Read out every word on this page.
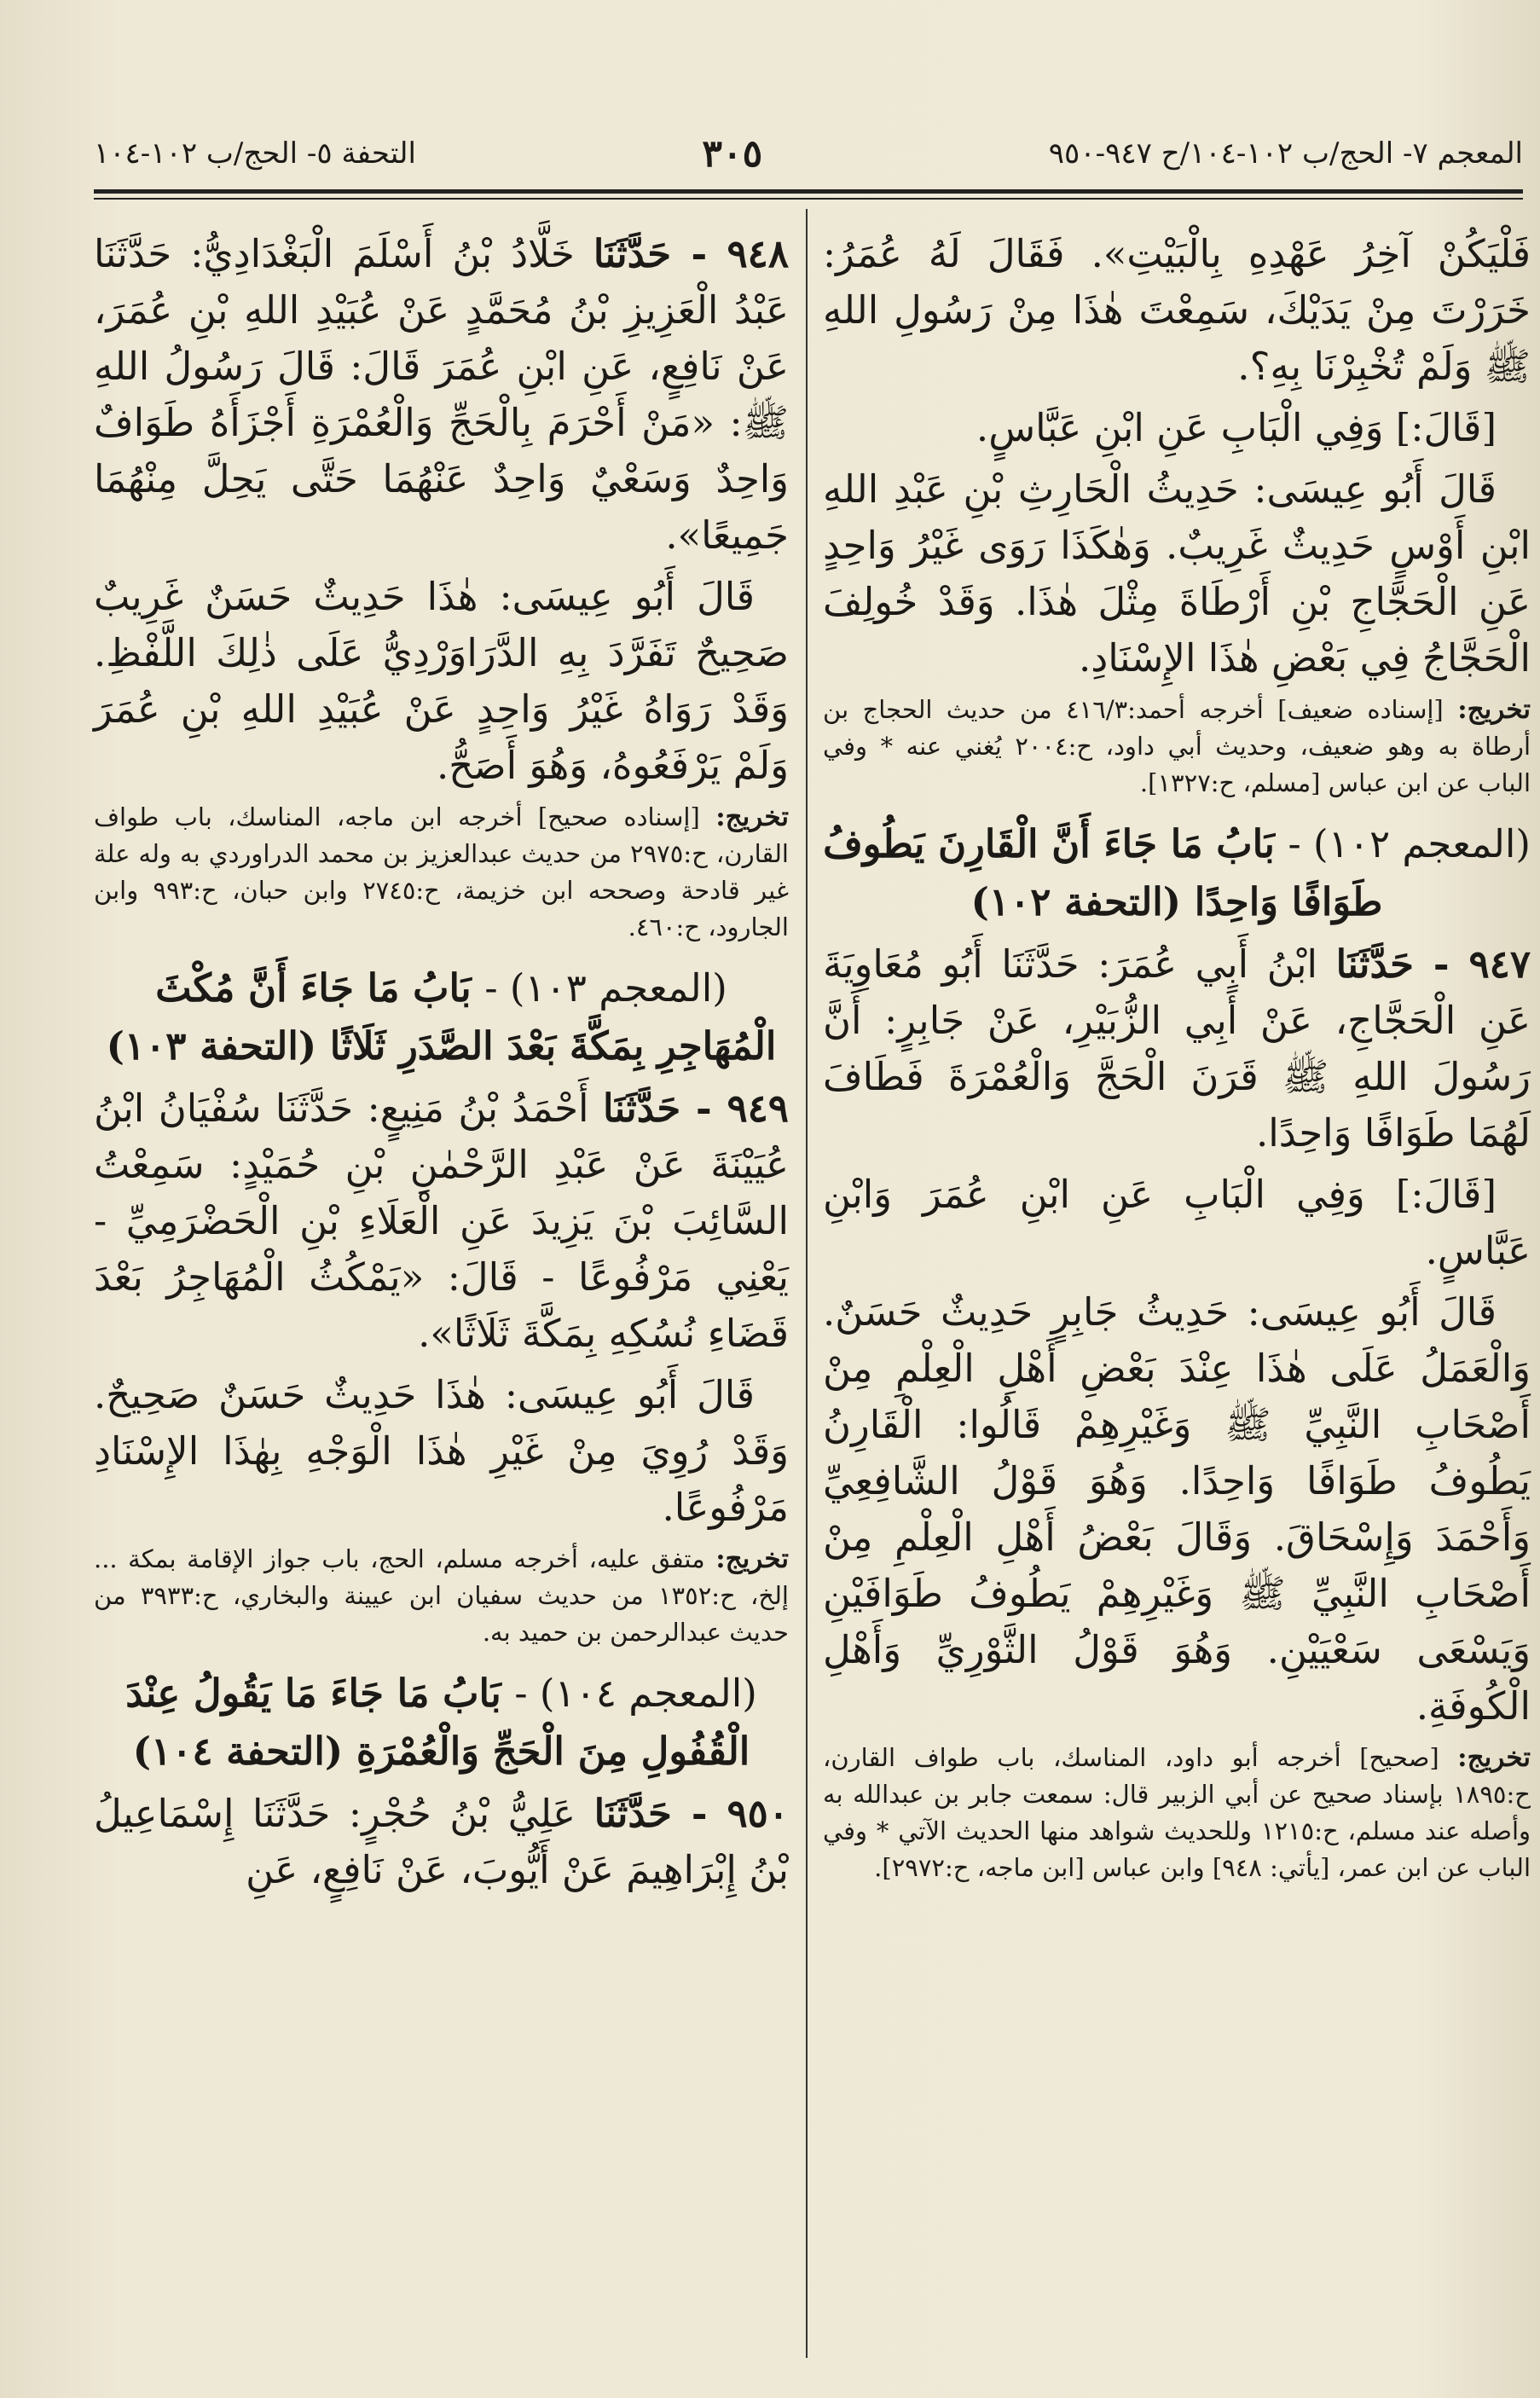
المعجم ٧- الحج/ب ١٠٢-١٠٤/ح ٩٤٧-٩٥٠
٣٠٥
التحفة ٥- الحج/ب ١٠٢-١٠٤

فَلْيَكُنْ آخِرُ عَهْدِهِ بِالْبَيْتِ». فَقَالَ لَهُ عُمَرُ: خَرَرْتَ مِنْ يَدَيْكَ، سَمِعْتَ هٰذَا مِنْ رَسُولِ اللهِ ﷺ وَلَمْ تُخْبِرْنَا بِهِ؟.

[قَالَ:] وَفِي الْبَابِ عَنِ ابْنِ عَبَّاسٍ.

قَالَ أَبُو عِيسَى: حَدِيثُ الْحَارِثِ بْنِ عَبْدِ اللهِ ابْنِ أَوْسٍ حَدِيثٌ غَرِيبٌ. وَهٰكَذَا رَوَى غَيْرُ وَاحِدٍ عَنِ الْحَجَّاجِ بْنِ أَرْطَاةَ مِثْلَ هٰذَا. وَقَدْ خُولِفَ الْحَجَّاجُ فِي بَعْضِ هٰذَا الإِسْنَادِ.

تخريج: [إسناده ضعيف] أخرجه أحمد:٤١٦/٣ من حديث الحجاج بن أرطاة به وهو ضعيف، وحديث أبي داود، ح:٢٠٠٤ يُغني عنه * وفي الباب عن ابن عباس [مسلم، ح:١٣٢٧].

(المعجم ١٠٢) - بَابُ مَا جَاءَ أَنَّ الْقَارِنَ يَطُوفُ طَوَافًا وَاحِدًا (التحفة ١٠٢)

٩٤٧ - حَدَّثَنَا ابْنُ أَبِي عُمَرَ: حَدَّثَنَا أَبُو مُعَاوِيَةَ عَنِ الْحَجَّاجِ، عَنْ أَبِي الزُّبَيْرِ، عَنْ جَابِرٍ: أَنَّ رَسُولَ اللهِ ﷺ قَرَنَ الْحَجَّ وَالْعُمْرَةَ فَطَافَ لَهُمَا طَوَافًا وَاحِدًا.

[قَالَ:] وَفِي الْبَابِ عَنِ ابْنِ عُمَرَ وَابْنِ عَبَّاسٍ.

قَالَ أَبُو عِيسَى: حَدِيثُ جَابِرٍ حَدِيثٌ حَسَنٌ. وَالْعَمَلُ عَلَى هٰذَا عِنْدَ بَعْضِ أَهْلِ الْعِلْمِ مِنْ أَصْحَابِ النَّبِيِّ ﷺ وَغَيْرِهِمْ قَالُوا: الْقَارِنُ يَطُوفُ طَوَافًا وَاحِدًا. وَهُوَ قَوْلُ الشَّافِعِيِّ وَأَحْمَدَ وَإِسْحَاقَ. وَقَالَ بَعْضُ أَهْلِ الْعِلْمِ مِنْ أَصْحَابِ النَّبِيِّ ﷺ وَغَيْرِهِمْ يَطُوفُ طَوَافَيْنِ وَيَسْعَى سَعْيَيْنِ. وَهُوَ قَوْلُ الثَّوْرِيِّ وَأَهْلِ الْكُوفَةِ.

تخريج: [صحيح] أخرجه أبو داود، المناسك، باب طواف القارن، ح:١٨٩٥ بإسناد صحيح عن أبي الزبير قال: سمعت جابر بن عبدالله به وأصله عند مسلم، ح:١٢١٥ وللحديث شواهد منها الحديث الآتي * وفي الباب عن ابن عمر، [يأتي: ٩٤٨] وابن عباس [ابن ماجه، ح:٢٩٧٢].

٩٤٨ - حَدَّثَنَا خَلَّادُ بْنُ أَسْلَمَ الْبَغْدَادِيُّ: حَدَّثَنَا عَبْدُ الْعَزِيزِ بْنُ مُحَمَّدٍ عَنْ عُبَيْدِ اللهِ بْنِ عُمَرَ، عَنْ نَافِعٍ، عَنِ ابْنِ عُمَرَ قَالَ: قَالَ رَسُولُ اللهِ ﷺ: «مَنْ أَحْرَمَ بِالْحَجِّ وَالْعُمْرَةِ أَجْزَأَهُ طَوَافٌ وَاحِدٌ وَسَعْيٌ وَاحِدٌ عَنْهُمَا حَتَّى يَحِلَّ مِنْهُمَا جَمِيعًا».

قَالَ أَبُو عِيسَى: هٰذَا حَدِيثٌ حَسَنٌ غَرِيبٌ صَحِيحٌ تَفَرَّدَ بِهِ الدَّرَاوَرْدِيُّ عَلَى ذٰلِكَ اللَّفْظِ. وَقَدْ رَوَاهُ غَيْرُ وَاحِدٍ عَنْ عُبَيْدِ اللهِ بْنِ عُمَرَ وَلَمْ يَرْفَعُوهُ، وَهُوَ أَصَحُّ.

تخريج: [إسناده صحيح] أخرجه ابن ماجه، المناسك، باب طواف القارن، ح:٢٩٧٥ من حديث عبدالعزيز بن محمد الدراوردي به وله علة غير قادحة وصححه ابن خزيمة، ح:٢٧٤٥ وابن حبان، ح:٩٩٣ وابن الجارود، ح:٤٦٠.

(المعجم ١٠٣) - بَابُ مَا جَاءَ أَنَّ مُكْثَ الْمُهَاجِرِ بِمَكَّةَ بَعْدَ الصَّدَرِ ثَلَاثًا (التحفة ١٠٣)

٩٤٩ - حَدَّثَنَا أَحْمَدُ بْنُ مَنِيعٍ: حَدَّثَنَا سُفْيَانُ ابْنُ عُيَيْنَةَ عَنْ عَبْدِ الرَّحْمٰنِ بْنِ حُمَيْدٍ: سَمِعْتُ السَّائِبَ بْنَ يَزِيدَ عَنِ الْعَلَاءِ بْنِ الْحَضْرَمِيِّ - يَعْنِي مَرْفُوعًا - قَالَ: «يَمْكُثُ الْمُهَاجِرُ بَعْدَ قَضَاءِ نُسُكِهِ بِمَكَّةَ ثَلَاثًا».

قَالَ أَبُو عِيسَى: هٰذَا حَدِيثٌ حَسَنٌ صَحِيحٌ. وَقَدْ رُوِيَ مِنْ غَيْرِ هٰذَا الْوَجْهِ بِهٰذَا الإِسْنَادِ مَرْفُوعًا.

تخريج: متفق عليه، أخرجه مسلم، الحج، باب جواز الإقامة بمكة ... إلخ، ح:١٣٥٢ من حديث سفيان ابن عيينة والبخاري، ح:٣٩٣٣ من حديث عبدالرحمن بن حميد به.

(المعجم ١٠٤) - بَابُ مَا جَاءَ مَا يَقُولُ عِنْدَ الْقُفُولِ مِنَ الْحَجِّ وَالْعُمْرَةِ (التحفة ١٠٤)

٩٥٠ - حَدَّثَنَا عَلِيُّ بْنُ حُجْرٍ: حَدَّثَنَا إِسْمَاعِيلُ بْنُ إِبْرَاهِيمَ عَنْ أَيُّوبَ، عَنْ نَافِعٍ، عَنِ
